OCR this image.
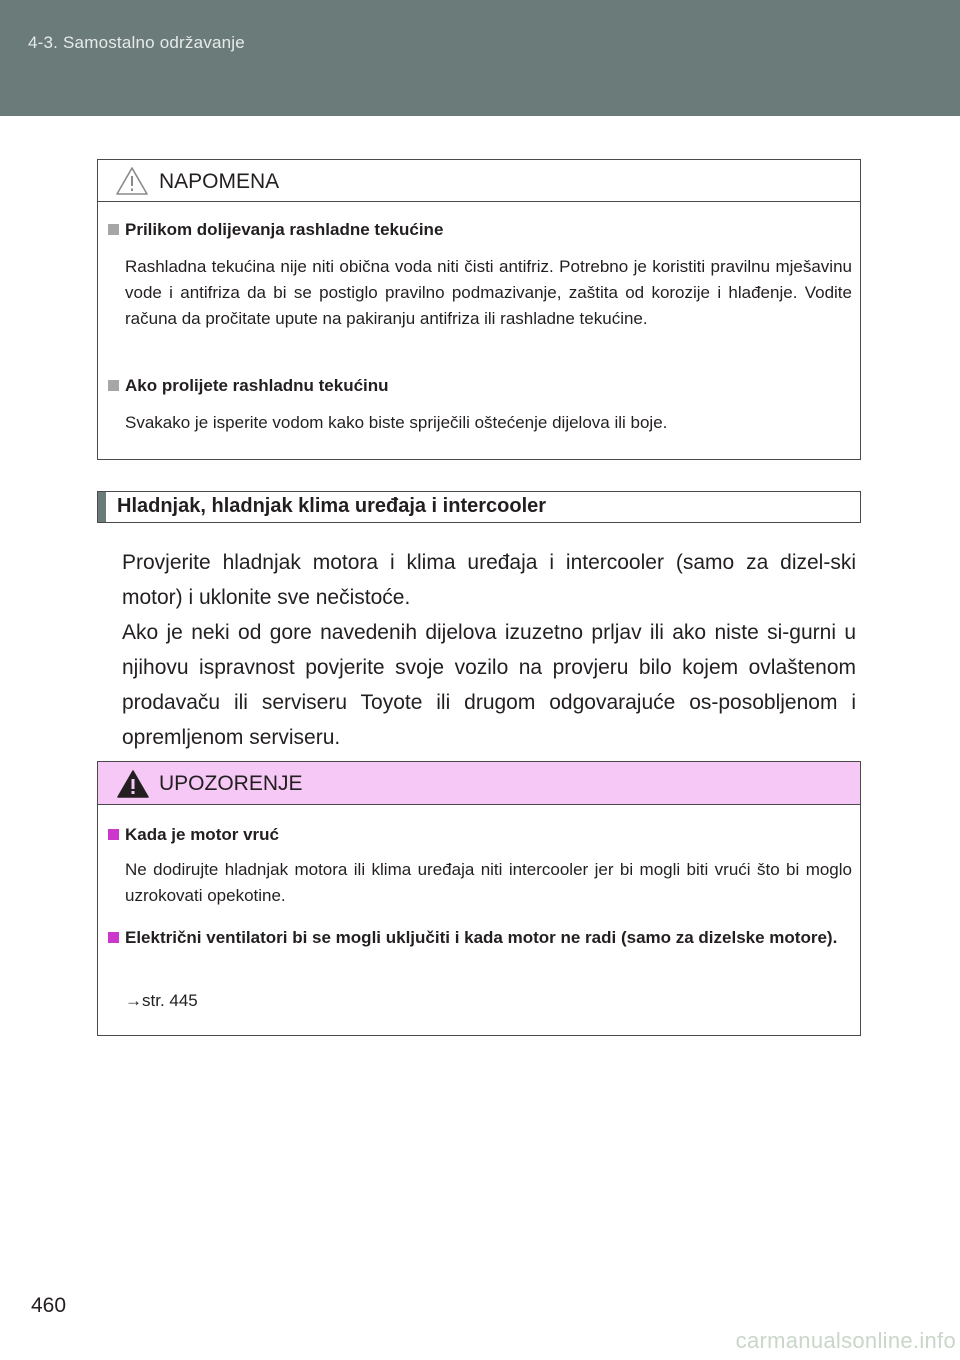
4-3. Samostalno održavanje
NAPOMENA
Prilikom dolijevanja rashladne tekućine
Rashladna tekućina nije niti obična voda niti čisti antifriz. Potrebno je koristiti pravilnu mješavinu vode i antifriza da bi se postiglo pravilno podmazivanje, zaštita od korozije i hlađenje. Vodite računa da pročitate upute na pakiranju antifriza ili rashladne tekućine.
Ako prolijete rashladnu tekućinu
Svakako je isperite vodom kako biste spriječili oštećenje dijelova ili boje.
Hladnjak, hladnjak klima uređaja i intercooler

Provjerite hladnjak motora i klima uređaja i intercooler (samo za dizel-ski motor) i uklonite sve nečistoće.

Ako je neki od gore navedenih dijelova izuzetno prljav ili ako niste si-gurni u njihovu ispravnost povjerite svoje vozilo na provjeru bilo kojem ovlaštenom prodavaču ili serviseru Toyote ili drugom odgovarajuće os-posobljenom i opremljenom serviseru.

UPOZORENJE
Kada je motor vruć
Ne dodirujte hladnjak motora ili klima uređaja niti intercooler jer bi mogli biti vrući što bi moglo uzrokovati opekotine.
Električni ventilatori bi se mogli uključiti i kada motor ne radi (samo za dizelske motore).
→str. 445
460
carmanualsonline.info
